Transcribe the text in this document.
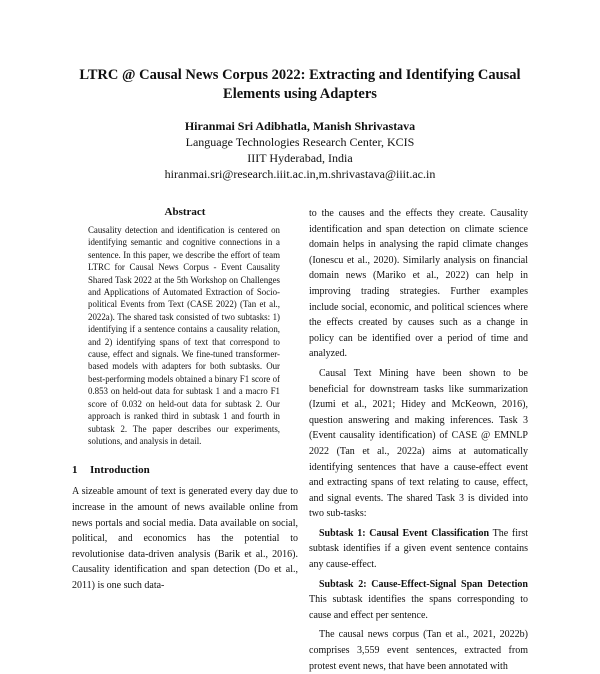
LTRC @ Causal News Corpus 2022: Extracting and Identifying Causal Elements using Adapters
Hiranmai Sri Adibhatla, Manish Shrivastava
Language Technologies Research Center, KCIS
IIIT Hyderabad, India
hiranmai.sri@research.iiit.ac.in,m.shrivastava@iiit.ac.in
Abstract
Causality detection and identification is centered on identifying semantic and cognitive connections in a sentence. In this paper, we describe the effort of team LTRC for Causal News Corpus - Event Causality Shared Task 2022 at the 5th Workshop on Challenges and Applications of Automated Extraction of Socio-political Events from Text (CASE 2022) (Tan et al., 2022a). The shared task consisted of two subtasks: 1) identifying if a sentence contains a causality relation, and 2) identifying spans of text that correspond to cause, effect and signals. We fine-tuned transformer-based models with adapters for both subtasks. Our best-performing models obtained a binary F1 score of 0.853 on held-out data for subtask 1 and a macro F1 score of 0.032 on held-out data for subtask 2. Our approach is ranked third in subtask 1 and fourth in subtask 2. The paper describes our experiments, solutions, and analysis in detail.
1 Introduction

A sizeable amount of text is generated every day due to increase in the amount of news available online from news portals and social media. Data available on social, political, and economics has the potential to revolutionise data-driven analysis (Barik et al., 2016). Causality identification and span detection (Do et al., 2011) is one such data-

to the causes and the effects they create. Causality identification and span detection on climate science domain helps in analysing the rapid climate changes (Ionescu et al., 2020). Similarly analysis on financial domain news (Mariko et al., 2022) can help in improving trading strategies. Further examples include social, economic, and political sciences where the effects created by causes such as a change in policy can be identified over a period of time and analyzed.

Causal Text Mining have been shown to be beneficial for downstream tasks like summarization (Izumi et al., 2021; Hidey and McKeown, 2016), question answering and making inferences. Task 3 (Event causality identification) of CASE @ EMNLP 2022 (Tan et al., 2022a) aims at automatically identifying sentences that have a cause-effect event and extracting spans of text relating to cause, effect, and signal events. The shared Task 3 is divided into two sub-tasks:

Subtask 1: Causal Event Classification The first subtask identifies if a given event sentence contains any cause-effect.

Subtask 2: Cause-Effect-Signal Span Detection This subtask identifies the spans corresponding to cause and effect per sentence.

The causal news corpus (Tan et al., 2021, 2022b) comprises 3,559 event sentences, extracted from protest event news, that have been annotated with
